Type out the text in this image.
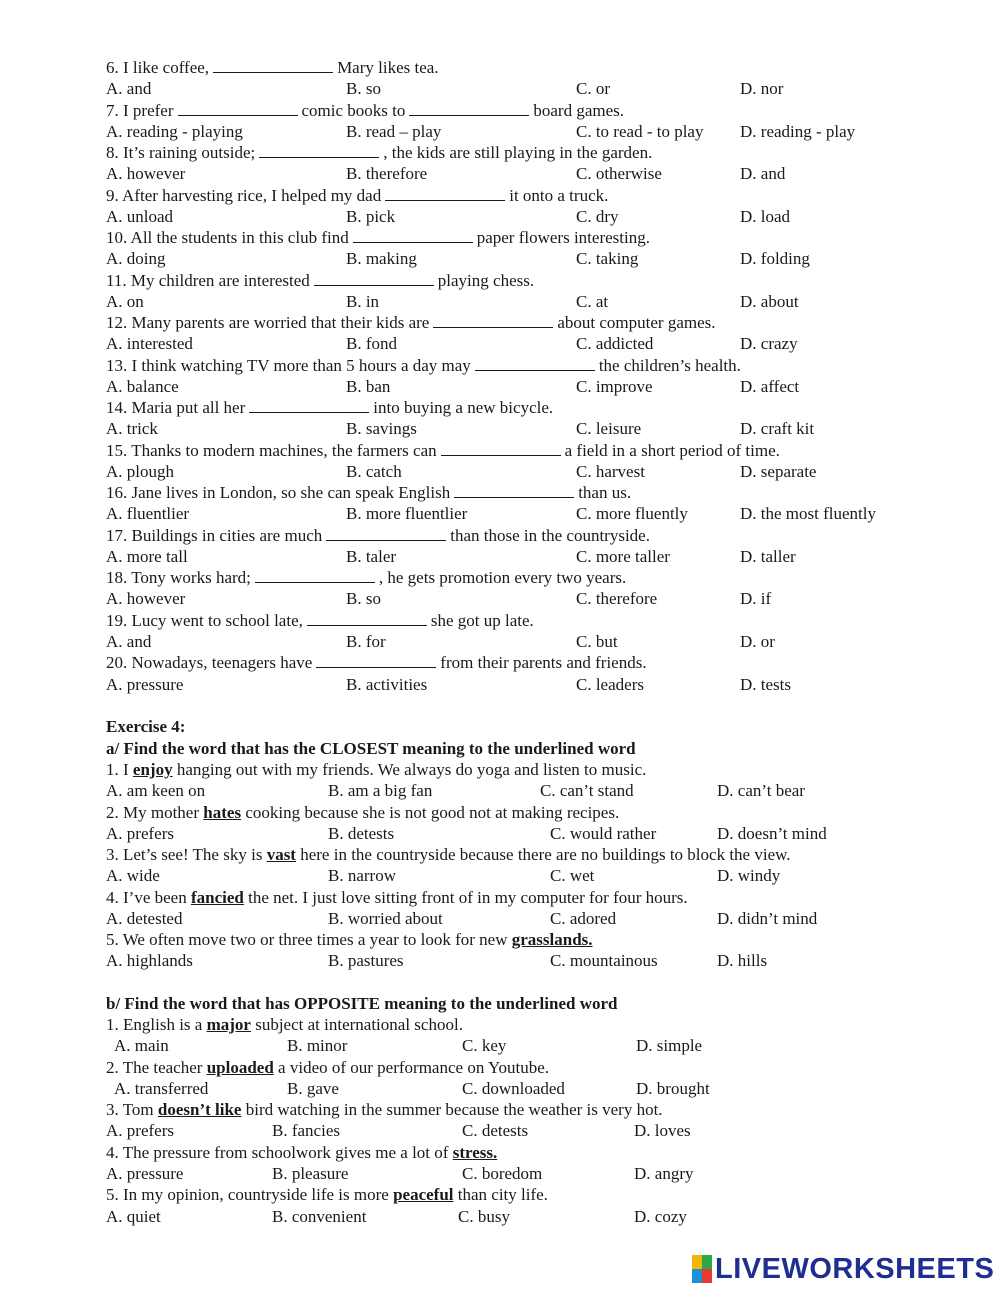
6. I like coffee,	Mary likes tea.
A. and	B. so	C. or	D. nor
7. I prefer	comic books to	board games.
A. reading - playing	B. read – play	C. to read - to play D. reading - play
8. It’s raining outside;	, the kids are still playing in the garden.
A. however	B. therefore	C. otherwise	D. and
9. After harvesting rice, I helped my dad	it onto a truck.
A. unload	B. pick	C. dry	D. load
10. All the students in this club find	paper flowers interesting.
A. doing	B. making	C. taking	D. folding
11. My children are interested	playing chess.
A. on	B. in	C. at	D. about
12. Many parents are worried that their kids are	about computer games.
A. interested	B. fond	C. addicted	D. crazy
13. I think watching TV more than 5 hours a day may	the children’s health.
A. balance	B. ban	C. improve	D. affect
14. Maria put all her	into buying a new bicycle.
A. trick	B. savings	C. leisure	D. craft kit
15. Thanks to modern machines, the farmers can	a field in a short period of time.
A. plough	B. catch	C. harvest	D. separate
16. Jane lives in London, so she can speak English	than us.
A. fluentlier	B. more fluentlier	C. more fluently	D. the most fluently
17. Buildings in cities are much	than those in the countryside.
A. more tall	B. taler	C. more taller	D. taller
18. Tony works hard;	, he gets promotion every two years.
A. however	B. so	C. therefore	D. if
19. Lucy went to school late,	she got up late.
A. and	B. for	C. but	D. or
20. Nowadays, teenagers have	from their parents and friends.
A. pressure	B. activities	C. leaders	D. tests
Exercise 4:
a/ Find the word that has the CLOSEST meaning to the underlined word
1. I enjoy hanging out with my friends. We always do yoga and listen to music.
A. am keen on	B. am a big fan	C. can’t stand	D. can’t bear
2. My mother hates cooking because she is not good not at making recipes.
A. prefers	B. detests	C. would rather	D. doesn’t mind
3. Let’s see! The sky is vast here in the countryside because there are no buildings to block the view.
A. wide	B. narrow	C. wet	D. windy
4. I’ve been fancied the net. I just love sitting front of in my computer for four hours.
A. detested	B. worried about	C. adored	D. didn’t mind
5. We often move two or three times a year to look for new grasslands.
A. highlands	B. pastures	C. mountainous	D. hills
b/ Find the word that has OPPOSITE meaning to the underlined word
1. English is a major subject at international school.
A. main	B. minor	C. key	D. simple
2. The teacher uploaded a video of our performance on Youtube.
A. transferred	B. gave	C. downloaded	D. brought
3. Tom doesn’t like bird watching in the summer because the weather is very hot.
A. prefers	B. fancies	C. detests	D. loves
4. The pressure from schoolwork gives me a lot of stress.
A. pressure	B. pleasure	C. boredom	D. angry
5. In my opinion, countryside life is more peaceful than city life.
A. quiet	B. convenient	C. busy	D. cozy
LIVEWORKSHEETS
